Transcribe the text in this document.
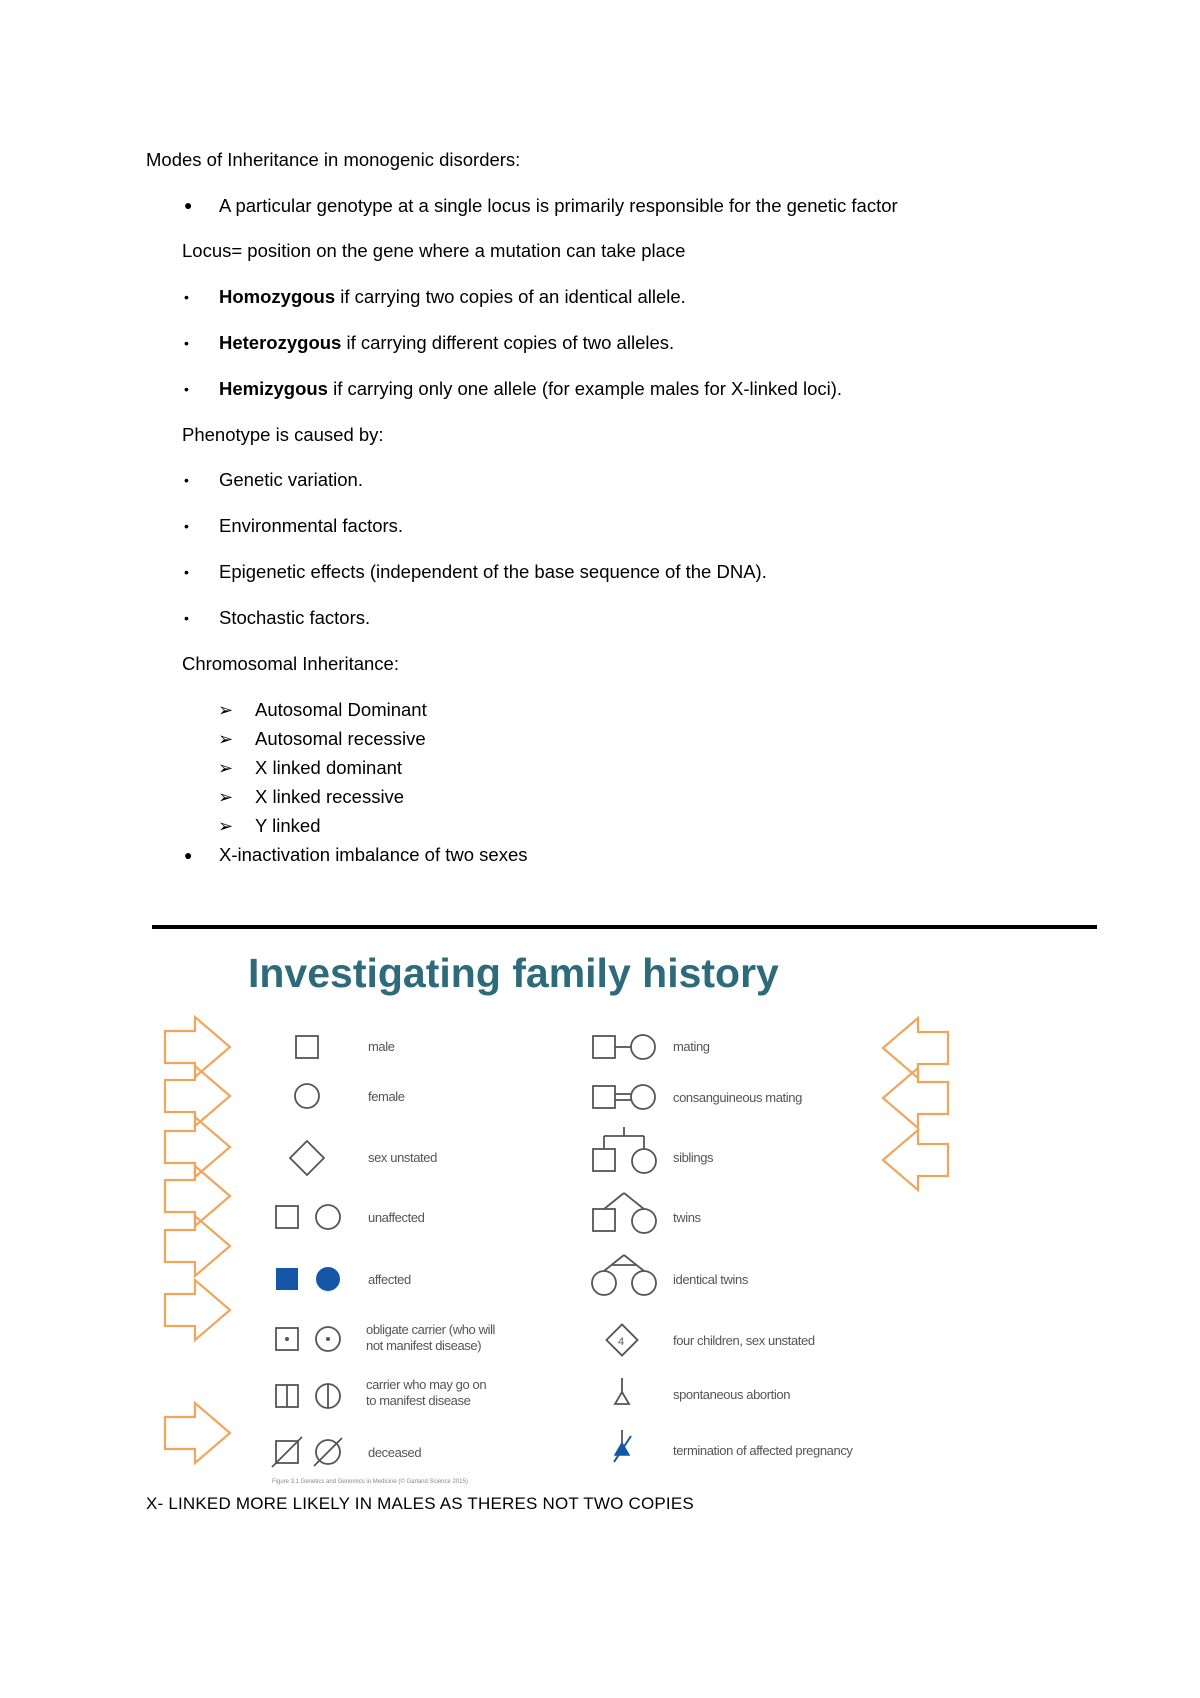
Modes of Inheritance in monogenic disorders:
● A particular genotype at a single locus is primarily responsible for the genetic factor
Locus= position on the gene where a mutation can take place
• Homozygous if carrying two copies of an identical allele.
• Heterozygous if carrying different copies of two alleles.
• Hemizygous if carrying only one allele (for example males for X-linked loci).
Phenotype is caused by:
• Genetic variation.
• Environmental factors.
• Epigenetic effects (independent of the base sequence of the DNA).
• Stochastic factors.
Chromosomal Inheritance:
➢ Autosomal Dominant
➢ Autosomal recessive
➢ X linked dominant
➢ X linked recessive
➢ Y linked
● X-inactivation imbalance of two sexes
Investigating family history
male
female
sex unstated
unaffected
affected
obligate carrier (who will
not manifest disease)
carrier who may go on
to manifest disease
deceased
4
mating
consanguineous mating
siblings
twins
identical twins
four children, sex unstated
spontaneous abortion
termination of affected pregnancy
Figure 3.1 Genetics and Genomics in Medicine (© Garland Science 2015)
X- LINKED MORE LIKELY IN MALES AS THERES NOT TWO COPIES
